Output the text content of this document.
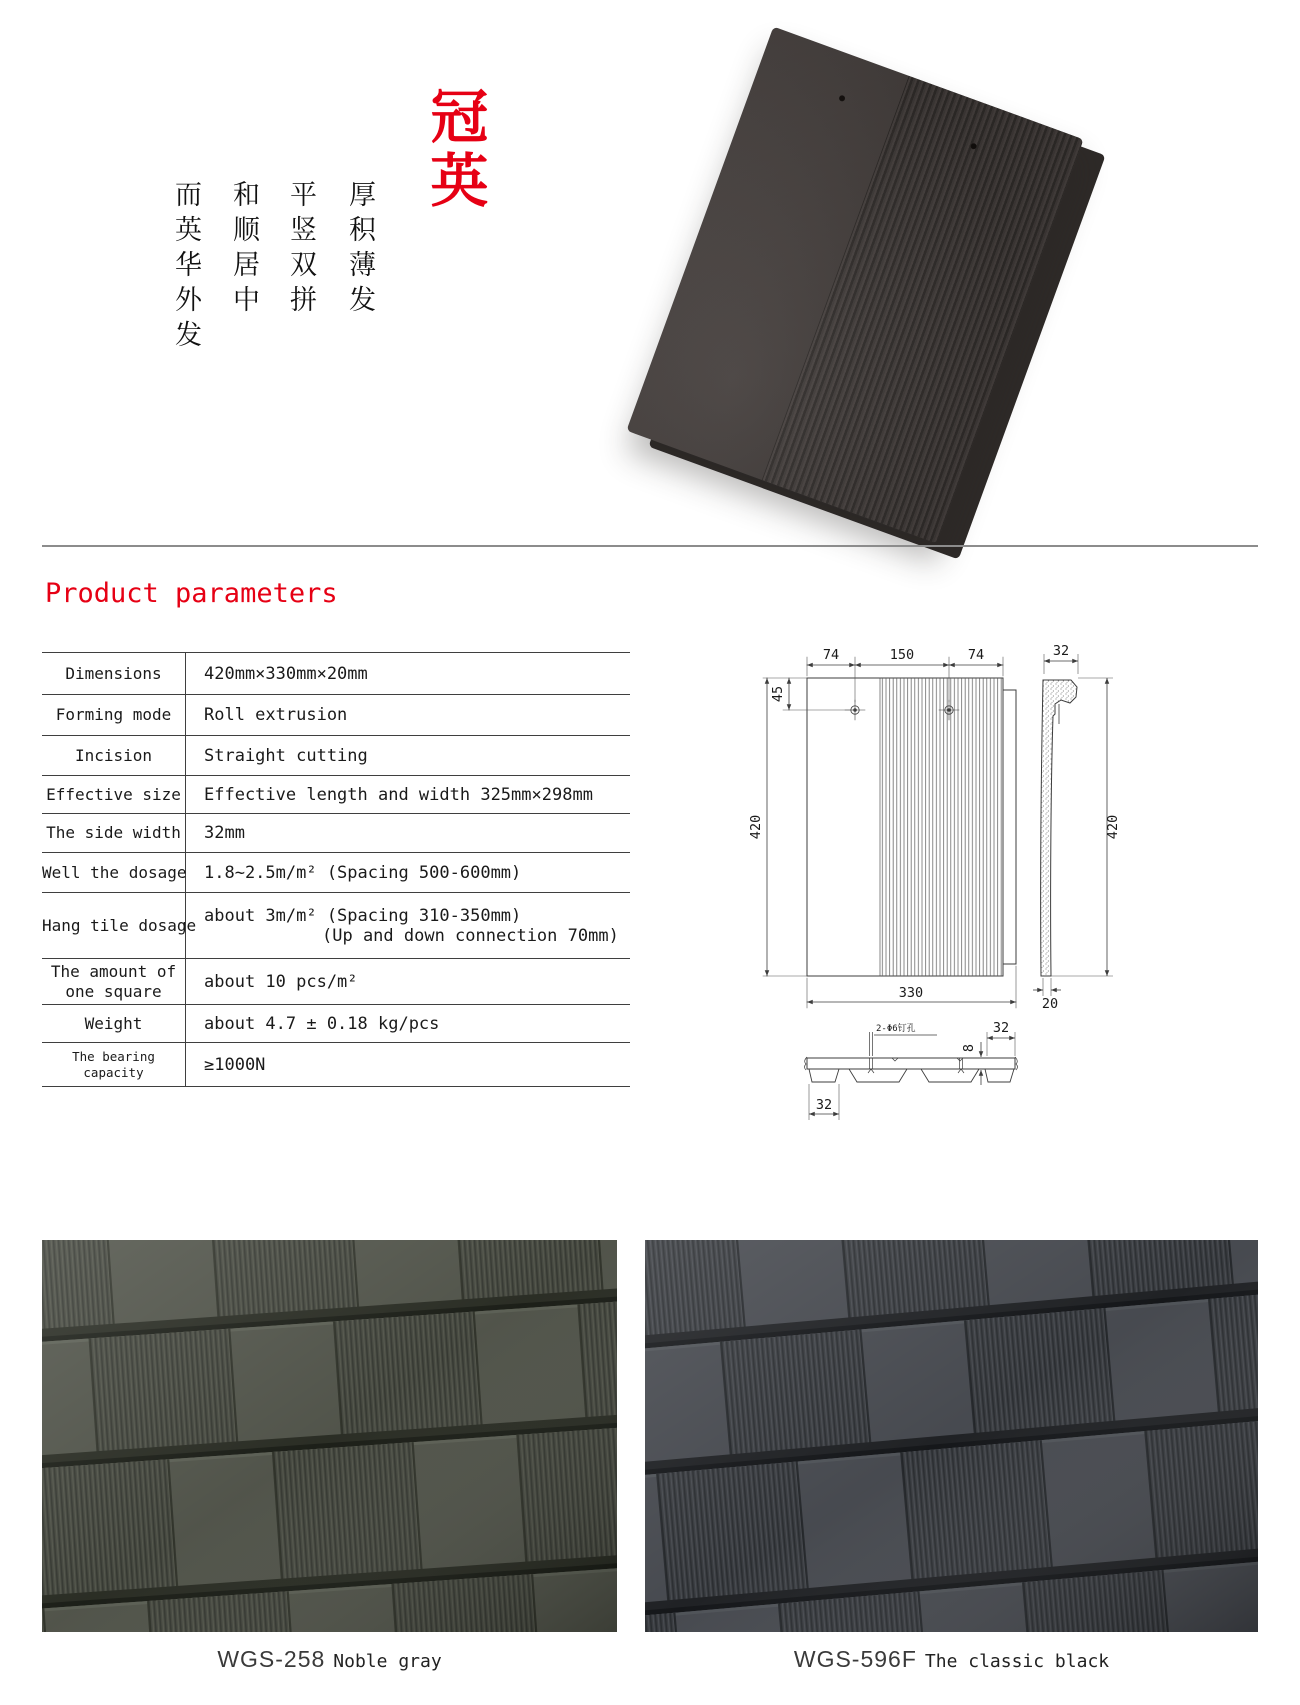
冠英
厚积薄发
平竖双拼
和顺居中
而英华外发
Product parameters
Dimensions	420mm×330mm×20mm
Forming mode	Roll extrusion
Incision	Straight cutting
Effective size	Effective length and width 325mm×298mm
The side width	32mm
Well the dosage	1.8~2.5m/m² (Spacing 500-600mm)
Hang tile dosage	about 3m/m² (Spacing 310-350mm)
(Up and down connection 70mm)

The amount of one square	about 10 pcs/m²
Weight	about 4.7 ± 0.18 kg/pcs
The bearing capacity	≥1000N
74	150	74
45
420
330
32
420
20
2-Φ6钉孔
8
32
32
WGS-258 Noble gray	WGS-596F The classic black
